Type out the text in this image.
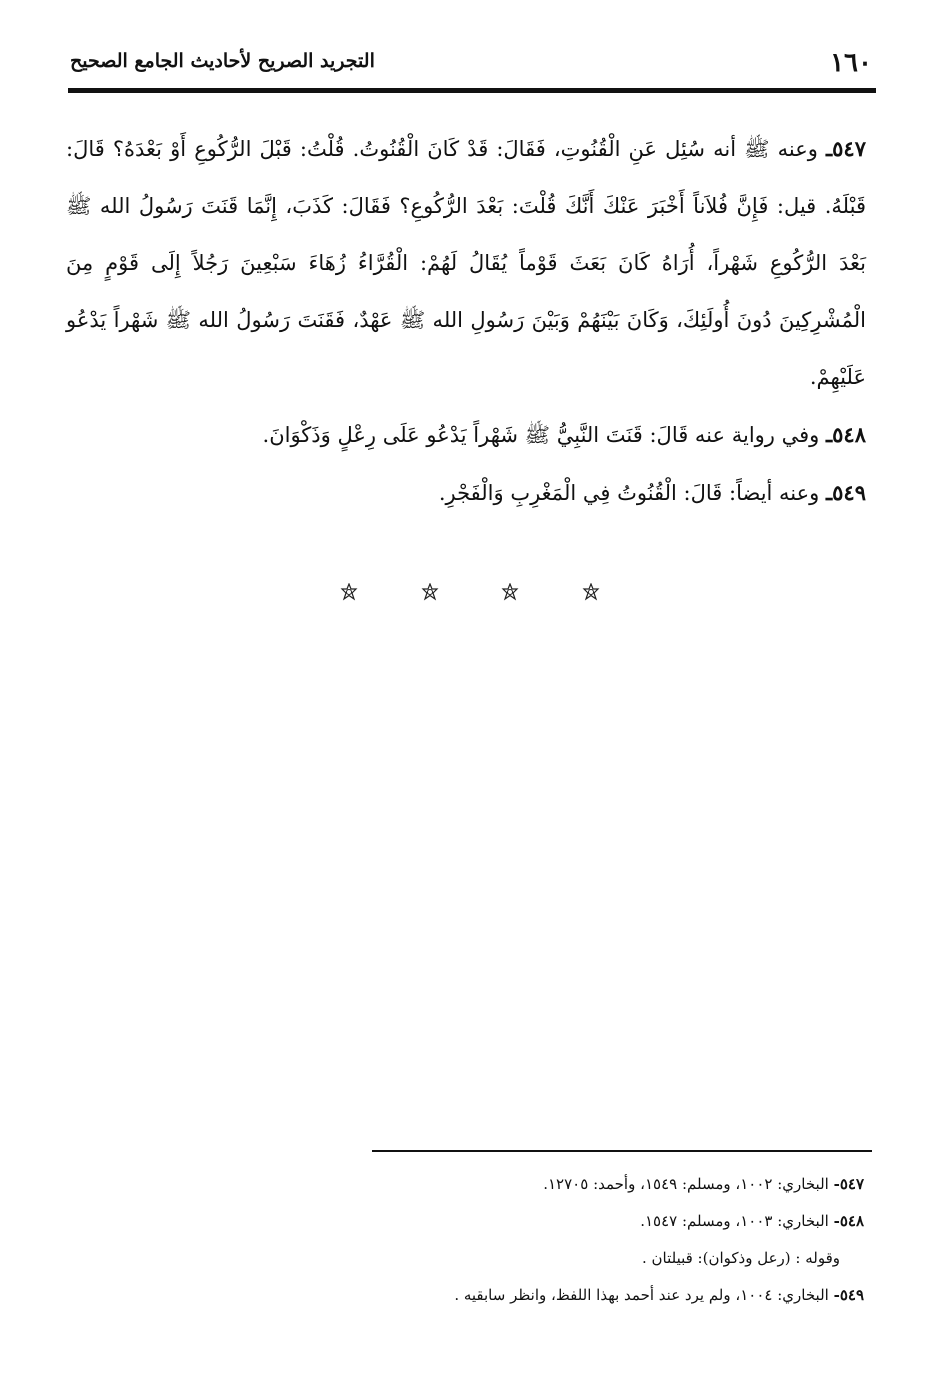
١٦٠
التجريد الصريح لأحاديث الجامع الصحيح

٥٤٧ـ وعنه ﷺ أنه سُئِل عَنِ الْقُنُوتِ، فَقَالَ: قَدْ كَانَ الْقُنُوتُ. قُلْتُ: قَبْلَ الرُّكُوعِ أَوْ بَعْدَهُ؟ قَالَ: قَبْلَهُ. قيل: فَإِنَّ فُلاَناً أَخْبَرَ عَنْكَ أَنَّكَ قُلْتَ: بَعْدَ الرُّكُوعِ؟ فَقَالَ: كَذَبَ، إِنَّمَا قَنَتَ رَسُولُ الله ﷺ بَعْدَ الرُّكُوعِ شَهْراً، أُرَاهُ كَانَ بَعَثَ قَوْماً يُقَالُ لَهُمْ: الْقُرَّاءُ زُهَاءَ سَبْعِينَ رَجُلاً إِلَى قَوْمٍ مِنَ الْمُشْرِكِينَ دُونَ أُولَئِكَ، وَكَانَ بَيْنَهُمْ وَبَيْنَ رَسُولِ الله ﷺ عَهْدٌ، فَقَنَتَ رَسُولُ الله ﷺ شَهْراً يَدْعُو عَلَيْهِمْ.

٥٤٨ـ وفي رواية عنه قَالَ: قَنَتَ النَّبِيُّ ﷺ شَهْراً يَدْعُو عَلَى رِعْلٍ وَذَكْوَانَ.

٥٤٩ـ وعنه أيضاً: قَالَ: الْقُنُوتُ فِي الْمَغْرِبِ وَالْفَجْرِ.

٥٤٧- البخاري: ١٠٠٢، ومسلم: ١٥٤٩، وأحمد: ١٢٧٠٥.

٥٤٨- البخاري: ١٠٠٣، ومسلم: ١٥٤٧.

وقوله : (رعل وذكوان): قبيلتان .

٥٤٩- البخاري: ١٠٠٤، ولم يرد عند أحمد بهذا اللفظ، وانظر سابقيه .
